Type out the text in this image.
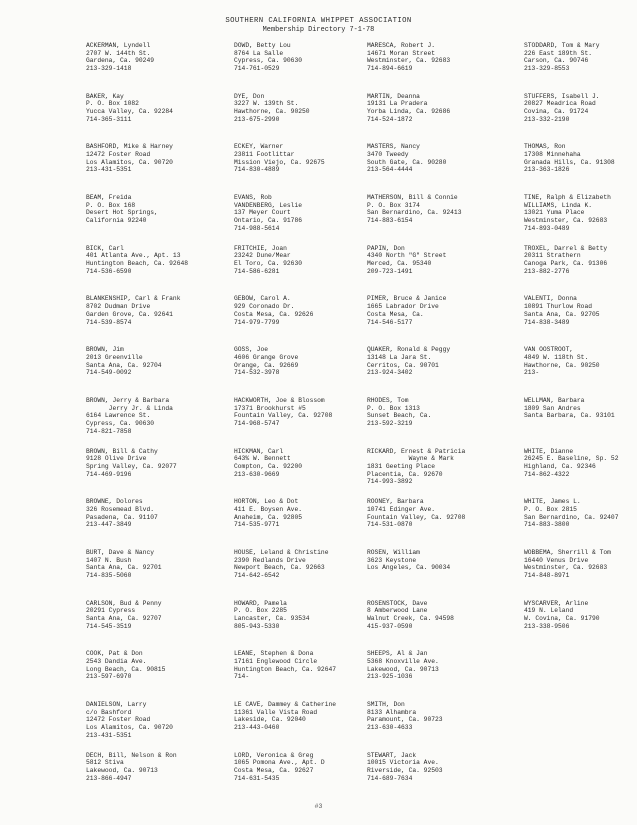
SOUTHERN CALIFORNIA WHIPPET ASSOCIATION
Membership Directory 7-1-78
ACKERMAN, Lyndell
2707 W. 144th St.
Gardena, Ca. 90249
213-329-1418
BAKER, Kay
P. O. Box 1082
Yucca Valley, Ca. 92284
714-365-3111
BASHFORD, Mike & Harney
12472 Foster Road
Los Alamitos, Ca. 90720
213-431-5351
BEAM, Freida
P. O. Box 168
Desert Hot Springs,
California 92240
BICK, Carl
401 Atlanta Ave., Apt. 13
Huntington Beach, Ca. 92648
714-536-6590
BLANKENSHIP, Carl & Frank
8702 Dudman Drive
Garden Grove, Ca. 92641
714-539-8574
BROWN, Jim
2013 Greenville
Santa Ana, Ca. 92704
714-549-0092
BROWN, Jerry & Barbara
Jerry Jr. & Linda
6164 Lawrence St.
Cypress, Ca. 90630
714-821-7858
BROWN, Bill & Cathy
9128 Olive Drive
Spring Valley, Ca. 92077
714-469-9196
BROWNE, Dolores
326 Rosemead Blvd.
Pasadena, Ca. 91107
213-447-3849
BURT, Dave & Nancy
1407 N. Bush
Santa Ana, Ca. 92701
714-835-5060
CARLSON, Bud & Penny
20291 Cypress
Santa Ana, Ca. 92707
714-545-3519
COOK, Pat & Don
2543 Dandia Ave.
Long Beach, Ca. 90815
213-597-6970
DANIELSON, Larry
c/o Bashford
12472 Foster Road
Los Alamitos, Ca. 90720
213-431-5351
DECH, Bill, Nelson & Ron
5812 Stiva
Lakewood, Ca. 90713
213-866-4947
DOWD, Betty Lou
8764 La Salle
Cypress, Ca. 90630
714-761-0529
DYE, Don
3227 W. 139th St.
Hawthorne, Ca. 90250
213-675-2990
ECKEY, Warner
23811 Footlittar
Mission Viejo, Ca. 92675
714-830-4889
EVANS, Rob
VANDENBERG, Leslie
137 Meyer Court
Ontario, Ca. 91786
714-988-5614
FRITCHIE, Joan
23242 Dune/Mear
El Toro, Ca. 92630
714-586-6281
GEBOW, Carol A.
929 Coronado Dr.
Costa Mesa, Ca. 92626
714-979-7799
GOSS, Joe
4606 Grange Grove
Orange, Ca. 92669
714-532-3978
HACKWORTH, Joe & Blossom
17371 Brookhurst #5
Fountain Valley, Ca. 92708
714-968-5747
HICKMAN, Carl
643% W. Bennett
Compton, Ca. 92200
213-630-9669
HORTON, Leo & Dot
411 E. Boysen Ave.
Anaheim, Ca. 92805
714-535-9771
HOUSE, Leland & Christine
2390 Redlands Drive
Newport Beach, Ca. 92663
714-642-6542
HOWARD, Pamela
P. O. Box 2285
Lancaster, Ca. 93534
805-943-5330
LEANE, Stephen & Dona
17161 Englewood Circle
Huntington Beach, Ca. 92647
714-
LE CAVE, Dammey & Catherine
11361 Valle Vista Road
Lakeside, Ca. 92040
213-443-0460
LORD, Veronica & Greg
1065 Pomona Ave., Apt. D
Costa Mesa, Ca. 92627
714-631-5435
MARESCA, Robert J.
14671 Moran Street
Westminster, Ca. 92683
714-894-6619
MARTIN, Deanna
19131 La Pradera
Yorba Linda, Ca. 92686
714-524-1872
MASTERS, Nancy
3470 Tweedy
South Gate, Ca. 90280
213-564-4444
MATHERSON, Bill & Connie
P. O. Box 3174
San Bernardino, Ca. 92413
714-883-6154
PAPIN, Don
4340 North "G" Street
Merced, Ca. 95340
209-723-1491
PIMER, Bruce & Janice
1665 Labrador Drive
Costa Mesa, Ca.
714-546-5177
QUAKER, Ronald & Peggy
13148 La Jara St.
Cerritos, Ca. 90701
213-924-3402
RHODES, Tom
P. O. Box 1313
Sunset Beach, Ca.
213-592-3219
RICKARD, Ernest & Patricia
Wayne & Mark
1831 Geeting Place
Placentia, Ca. 92670
714-993-3892
ROONEY, Barbara
10741 Edinger Ave.
Fountain Valley, Ca. 92708
714-531-0870
ROSEN, William
3623 Keystone
Los Angeles, Ca. 90034
ROSENSTOCK, Dave
8 Amberwood Lane
Walnut Creek, Ca. 94598
415-937-0590
SHEEPS, Al & Jan
5368 Knoxville Ave.
Lakewood, Ca. 90713
213-925-1036
SMITH, Don
8133 Alhambra
Paramount, Ca. 90723
213-630-4633
STEWART, Jack
10015 Victoria Ave.
Riverside, Ca. 92503
714-689-7634
STODDARD, Tom & Mary
226 East 189th St.
Carson, Ca. 90746
213-329-8553
STUFFERS, Isabell J.
20827 Meadrica Road
Covina, Ca. 91724
213-332-2190
THOMAS, Ron
17308 Minnehaha
Granada Hills, Ca. 91308
213-363-1826
TINE, Ralph & Elizabeth
WILLIAMS, Linda K.
13021 Yuma Place
Westminster, Ca. 92683
714-893-0489
TROXEL, Darrel & Betty
20311 Strathern
Canoga Park, Ca. 91306
213-882-2776
VALENTI, Donna
10891 Thurlow Road
Santa Ana, Ca. 92705
714-838-3489
VAN OOSTROOT,
4849 W. 118th St.
Hawthorne, Ca. 90250
213-
WELLMAN, Barbara
1809 San Andres
Santa Barbara, Ca. 93101
WHITE, Dianne
26245 E. Baseline, Sp. 52
Highland, Ca. 92346
714-862-4322
WHITE, James L.
P. O. Box 2815
San Bernardino, Ca. 92407
714-883-3800
WOBBEMA, Sherrill & Tom
16440 Venus Drive
Westminster, Ca. 92683
714-848-8971
WYSCARVER, Arline
419 N. Leland
W. Covina, Ca. 91790
213-338-9506
#3
